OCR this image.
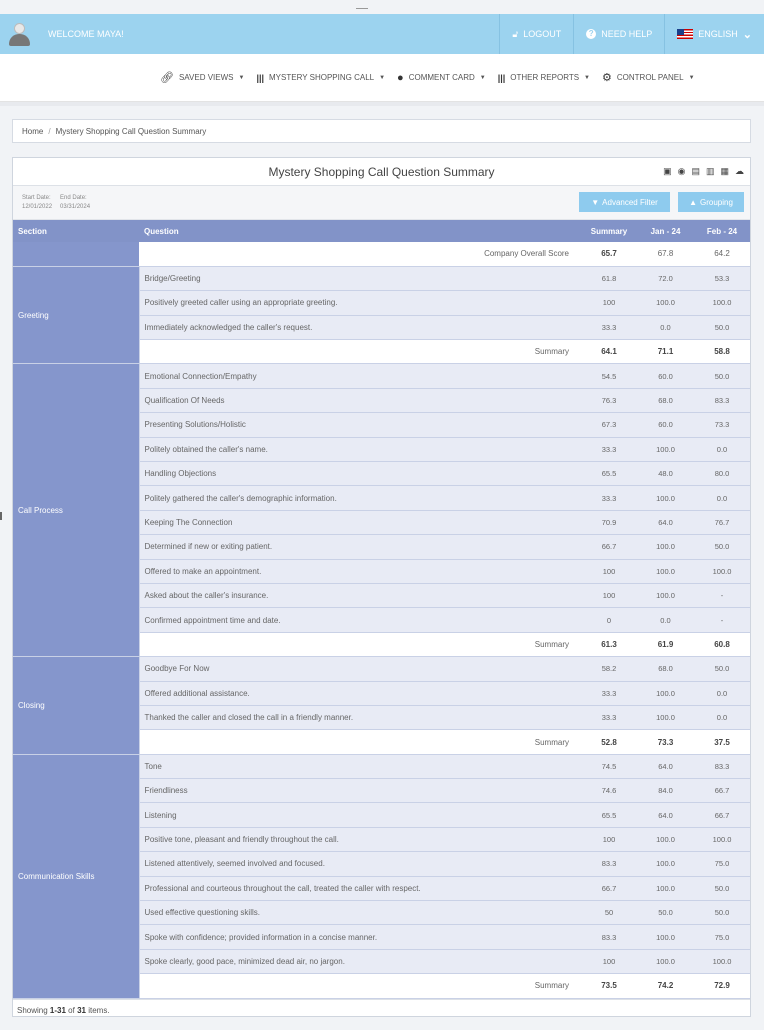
WELCOME MAYA!	🔓︎ LOGOUT	? NEED HELP	ENGLISH ⌄
🔗︎ SAVED VIEWS ▼ ||| MYSTERY SHOPPING CALL ▼ ● COMMENT CARD ▼ ||| OTHER REPORTS ▼ ⚙︎ CONTROL PANEL ▼
Home / Mystery Shopping Call Question Summary
Mystery Shopping Call Question Summary	▣ ◉ ▤ ▥ ▦ ☁︎
Start Date:
12/01/2022
End Date:
03/31/2024
▼ Advanced Filter	▲ Grouping
Section	Question	Summary	Jan - 24	Feb - 24
	Company Overall Score	65.7	67.8	64.2
Greeting	Bridge/Greeting	61.8	72.0	53.3
	Positively greeted caller using an appropriate greeting.	100	100.0	100.0
	Immediately acknowledged the caller's request.	33.3	0.0	50.0
	Summary	64.1	71.1	58.8
Call Process	Emotional Connection/Empathy	54.5	60.0	50.0
	Qualification Of Needs	76.3	68.0	83.3
	Presenting Solutions/Holistic	67.3	60.0	73.3
	Politely obtained the caller's name.	33.3	100.0	0.0
	Handling Objections	65.5	48.0	80.0
	Politely gathered the caller's demographic information.	33.3	100.0	0.0
	Keeping The Connection	70.9	64.0	76.7
	Determined if new or exiting patient.	66.7	100.0	50.0
	Offered to make an appointment.	100	100.0	100.0
	Asked about the caller's insurance.	100	100.0	-
	Confirmed appointment time and date.	0	0.0	-
	Summary	61.3	61.9	60.8
Closing	Goodbye For Now	58.2	68.0	50.0
	Offered additional assistance.	33.3	100.0	0.0
	Thanked the caller and closed the call in a friendly manner.	33.3	100.0	0.0
	Summary	52.8	73.3	37.5
Communication Skills	Tone	74.5	64.0	83.3
	Friendliness	74.6	84.0	66.7
	Listening	65.5	64.0	66.7
	Positive tone, pleasant and friendly throughout the call.	100	100.0	100.0
	Listened attentively, seemed involved and focused.	83.3	100.0	75.0
	Professional and courteous throughout the call, treated the caller with respect.	66.7	100.0	50.0
	Used effective questioning skills.	50	50.0	50.0
	Spoke with confidence; provided information in a concise manner.	83.3	100.0	75.0
	Spoke clearly, good pace, minimized dead air, no jargon.	100	100.0	100.0
	Summary	73.5	74.2	72.9
Showing
1-31
of
31
items.
